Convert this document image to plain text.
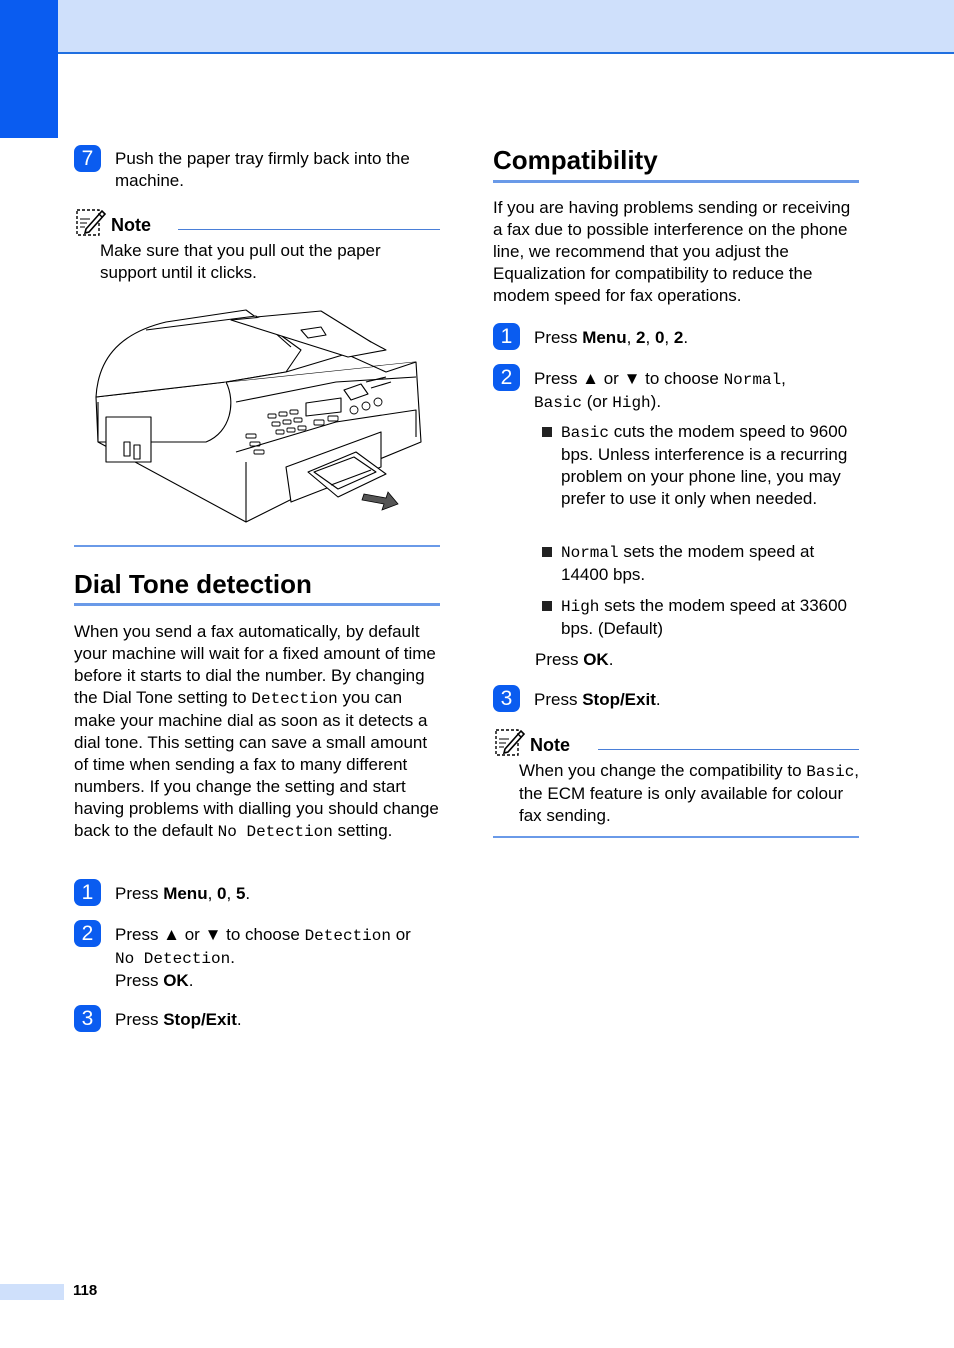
7	Push the paper tray firmly back into the machine.
Note
Make sure that you pull out the paper support until it clicks.
Dial Tone detection
When you send a fax automatically, by default your machine will wait for a fixed amount of time before it starts to dial the number. By changing the Dial Tone setting to Detection you can make your machine dial as soon as it detects a dial tone. This setting can save a small amount of time when sending a fax to many different numbers. If you change the setting and start having problems with dialling you should change back to the default No Detection setting.
1	Press Menu, 0, 5.
2	Press ▲ or ▼ to choose Detection or
No Detection.
Press OK.
3	Press Stop/Exit.
Compatibility
If you are having problems sending or receiving a fax due to possible interference on the phone line, we recommend that you adjust the Equalization for compatibility to reduce the modem speed for fax operations.
1	Press Menu, 2, 0, 2.
2	Press ▲ or ▼ to choose Normal,
Basic (or High).
Basic cuts the modem speed to 9600 bps. Unless interference is a recurring problem on your phone line, you may prefer to use it only when needed.
Normal sets the modem speed at 14400 bps.
High sets the modem speed at 33600 bps. (Default)
Press OK.
3	Press Stop/Exit.
Note
When you change the compatibility to Basic, the ECM feature is only available for colour fax sending.
118
